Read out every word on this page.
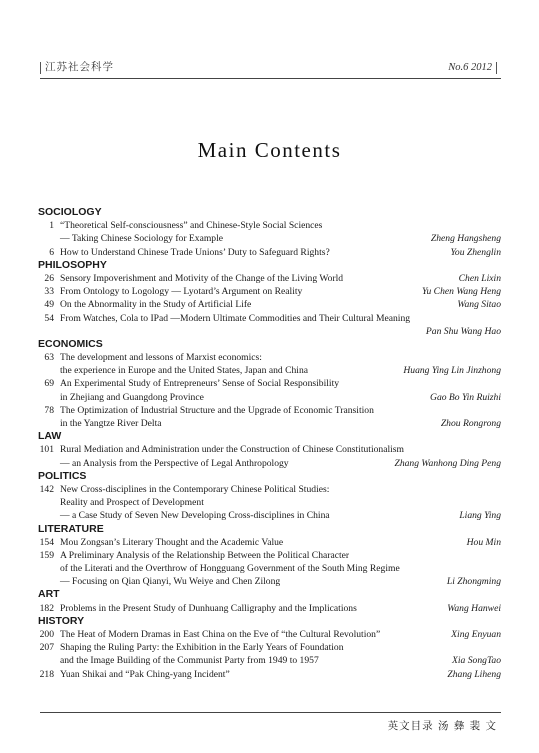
江苏社会科学	No.6 2012
Main Contents
SOCIOLOGY
1 “Theoretical Self-consciousness” and Chinese-Style Social Sciences
— Taking Chinese Sociology for Example	Zheng Hangsheng
6 How to Understand Chinese Trade Unions’ Duty to Safeguard Rights?	You Zhenglin
PHILOSOPHY
26 Sensory Impoverishment and Motivity of the Change of the Living World	Chen Lixin
33 From Ontology to Logology — Lyotard’s Argument on Reality	Yu Chen Wang Heng
49 On the Abnormality in the Study of Artificial Life	Wang Sitao
54 From Watches, Cola to IPad —Modern Ultimate Commodities and Their Cultural Meaning
Pan Shu Wang Hao
ECONOMICS
63 The development and lessons of Marxist economics:
the experience in Europe and the United States, Japan and China	Huang Ying Lin Jinzhong
69 An Experimental Study of Entrepreneurs’ Sense of Social Responsibility
in Zhejiang and Guangdong Province	Gao Bo Yin Ruizhi
78 The Optimization of Industrial Structure and the Upgrade of Economic Transition
in the Yangtze River Delta	Zhou Rongrong
LAW
101 Rural Mediation and Administration under the Construction of Chinese Constitutionalism
— an Analysis from the Perspective of Legal Anthropology	Zhang Wanhong Ding Peng
POLITICS
142 New Cross-disciplines in the Contemporary Chinese Political Studies:
Reality and Prospect of Development
— a Case Study of Seven New Developing Cross-disciplines in China	Liang Ying
LITERATURE
154 Mou Zongsan’s Literary Thought and the Academic Value	Hou Min
159 A Preliminary Analysis of the Relationship Between the Political Character
of the Literati and the Overthrow of Hongguang Government of the South Ming Regime
— Focusing on Qian Qianyi, Wu Weiye and Chen Zilong	Li Zhongming
ART
182 Problems in the Present Study of Dunhuang Calligraphy and the Implications	Wang Hanwei
HISTORY
200 The Heat of Modern Dramas in East China on the Eve of “the Cultural Revolution”	Xing Enyuan
207 Shaping the Ruling Party: the Exhibition in the Early Years of Foundation
and the Image Building of the Communist Party from 1949 to 1957	Xia SongTao
218 Yuan Shikai and “Pak Ching-yang Incident”	Zhang Liheng
英文目录 汤 彝 裴 文
